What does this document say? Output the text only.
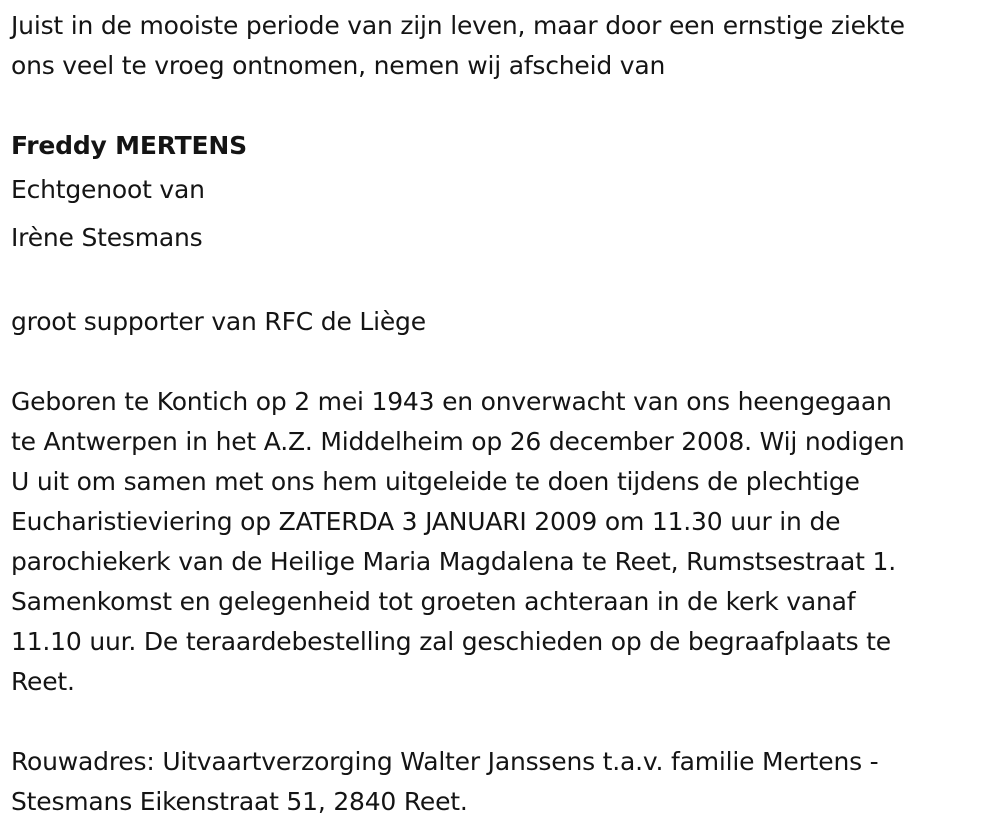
Juist in de mooiste periode van zijn leven, maar door een ernstige ziekte

ons veel te vroeg ontnomen, nemen wij afscheid van

Freddy MERTENS

Echtgenoot van

Irène Stesmans

groot supporter van RFC de Liège

Geboren te Kontich op 2 mei 1943 en onverwacht van ons heengegaan

te Antwerpen in het A.Z. Middelheim op 26 december 2008. Wij nodigen

U uit om samen met ons hem uitgeleide te doen tijdens de plechtige

Eucharistieviering op ZATERDA 3 JANUARI 2009 om 11.30 uur in de

parochiekerk van de Heilige Maria Magdalena te Reet, Rumstsestraat 1.

Samenkomst en gelegenheid tot groeten achteraan in de kerk vanaf

11.10 uur. De teraardebestelling zal geschieden op de begraafplaats te

Reet.

Rouwadres: Uitvaartverzorging Walter Janssens t.a.v. familie Mertens -

Stesmans Eikenstraat 51, 2840 Reet.
